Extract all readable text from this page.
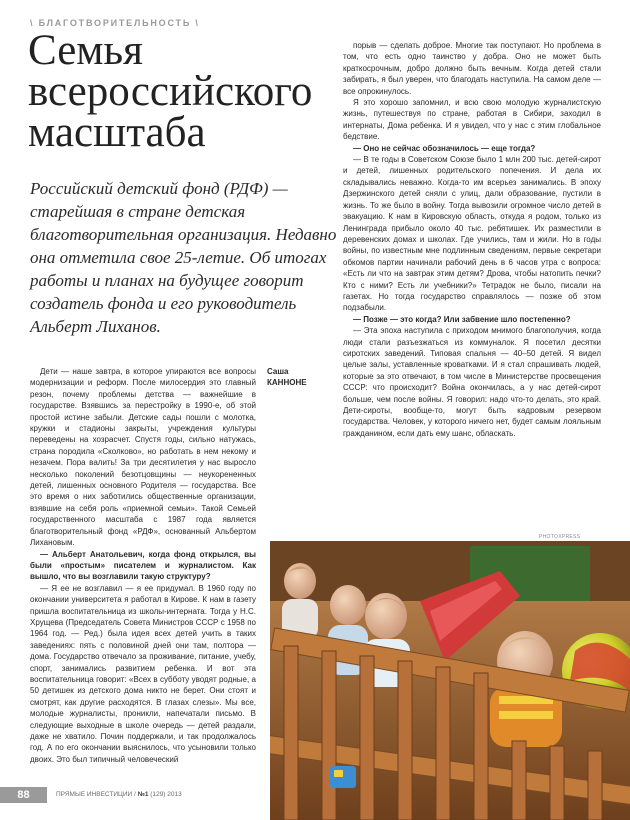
\ БЛАГОТВОРИТЕЛЬНОСТЬ \
Семья всероссийского масштаба

Российский детский фонд (РДФ) — старейшая в стране детская благотворительная организация. Недавно она отметила свое 25-летие. Об итогах работы и планах на будущее говорит создатель фонда и его руководитель Альберт Лиханов.

Дети — наше завтра, в которое упираются все вопросы модернизации и реформ. После милосердия это главный резон, почему проблемы детства — важнейшие в государстве. Взявшись за перестройку в 1990-е, об этой простой истине забыли. Детские сады пошли с молотка, кружки и стадионы закрыты, учреждения культуры переведены на хозрасчет. Спустя годы, сильно натужась, страна породила «Сколково», но работать в нем некому и незачем. Пора валить! За три десятилетия у нас выросло несколько поколений безотцовщины — неукорененных детей, лишенных основного Родителя — государства. Все это время о них заботились общественные организации, взявшие на себя роль «приемной семьи». Такой Семьей государственного масштаба с 1987 года является благотворительный фонд «РДФ», основанный Альбертом Лихановым.

— Альберт Анатольевич, когда фонд открылся, вы были «простым» писателем и журналистом. Как вышло, что вы возглавили такую структуру?

— Я ее не возглавил — я ее придумал. В 1960 году по окончании университета я работал в Кирове. К нам в газету пришла воспитательница из школы-интерната. Тогда у Н.С. Хрущева (Председатель Совета Министров СССР с 1958 по 1964 год. — Ред.) была идея всех детей учить в таких заведениях: пять с половиной дней они там, полтора — дома. Государство отвечало за проживание, питание, учебу, спорт, занимались развитием ребенка. И вот эта воспитательница говорит: «Всех в субботу уводят родные, а 50 детишек из детского дома никто не берет. Они стоят и смотрят, как другие расходятся. В глазах слезы». Мы все, молодые журналисты, проникли, напечатали письмо. В следующие выходные в школе очередь — детей раздали, даже не хватило. Почин поддержали, и так продолжалось год. А по его окончании выяснилось, что усыновили только двоих. Это был типичный человеческий

Саша
КАННОНЕ

порыв — сделать доброе. Многие так поступают. Но проблема в том, что есть одно таинство у добра. Оно не может быть краткосрочным, добро должно быть вечным. Когда детей стали забирать, я был уверен, что благодать наступила. На самом деле — все опрокинулось.

Я это хорошо запомнил, и всю свою молодую журналистскую жизнь, путешествуя по стране, работая в Сибири, заходил в интернаты, Дома ребенка. И я увидел, что у нас с этим глобальное бедствие.

— Оно не сейчас обозначилось — еще тогда?

— В те годы в Советском Союзе было 1 млн 200 тыс. детей-сирот и детей, лишенных родительского попечения. И дела их складывались неважно. Когда-то им всерьез занимались. В эпоху Дзержинского детей сняли с улиц, дали образование, пустили в жизнь. То же было в войну. Тогда вывозили огромное число детей в эвакуацию. К нам в Кировскую область, откуда я родом, только из Ленинграда прибыло около 40 тыс. ребятишек. Их разместили в деревенских домах и школах. Где учились, там и жили. Но в годы войны, по известным мне подлинным сведениям, первые секретари обкомов партии начинали рабочий день в 6 часов утра с вопроса: «Есть ли что на завтрак этим детям? Дрова, чтобы натопить печки? Кто с ними? Есть ли учебники?» Тетрадок не было, писали на газетах. Но тогда государство справлялось — позже об этом подзабыли.

— Позже — это когда? Или забвение шло постепенно?

— Эта эпоха наступила с приходом мнимого благополучия, когда люди стали разъезжаться из коммуналок. Я посетил десятки сиротских заведений. Типовая спальня — 40–50 детей. Я видел целые залы, уставленные кроватками. И я стал спрашивать людей, которые за это отвечают, в том числе в Министерстве просвещения СССР: что происходит? Война окончилась, а у нас детей-сирот больше, чем после войны. Я говорил: надо что-то делать, это край. Дети-сироты, вообще-то, могут быть кадровым резервом государства. Человек, у которого ничего нет, будет самым лояльным гражданином, если дать ему шанс, обласкать.

PHOTOXPRESS
88	ПРЯМЫЕ ИНВЕСТИЦИИ / №1 (129) 2013
